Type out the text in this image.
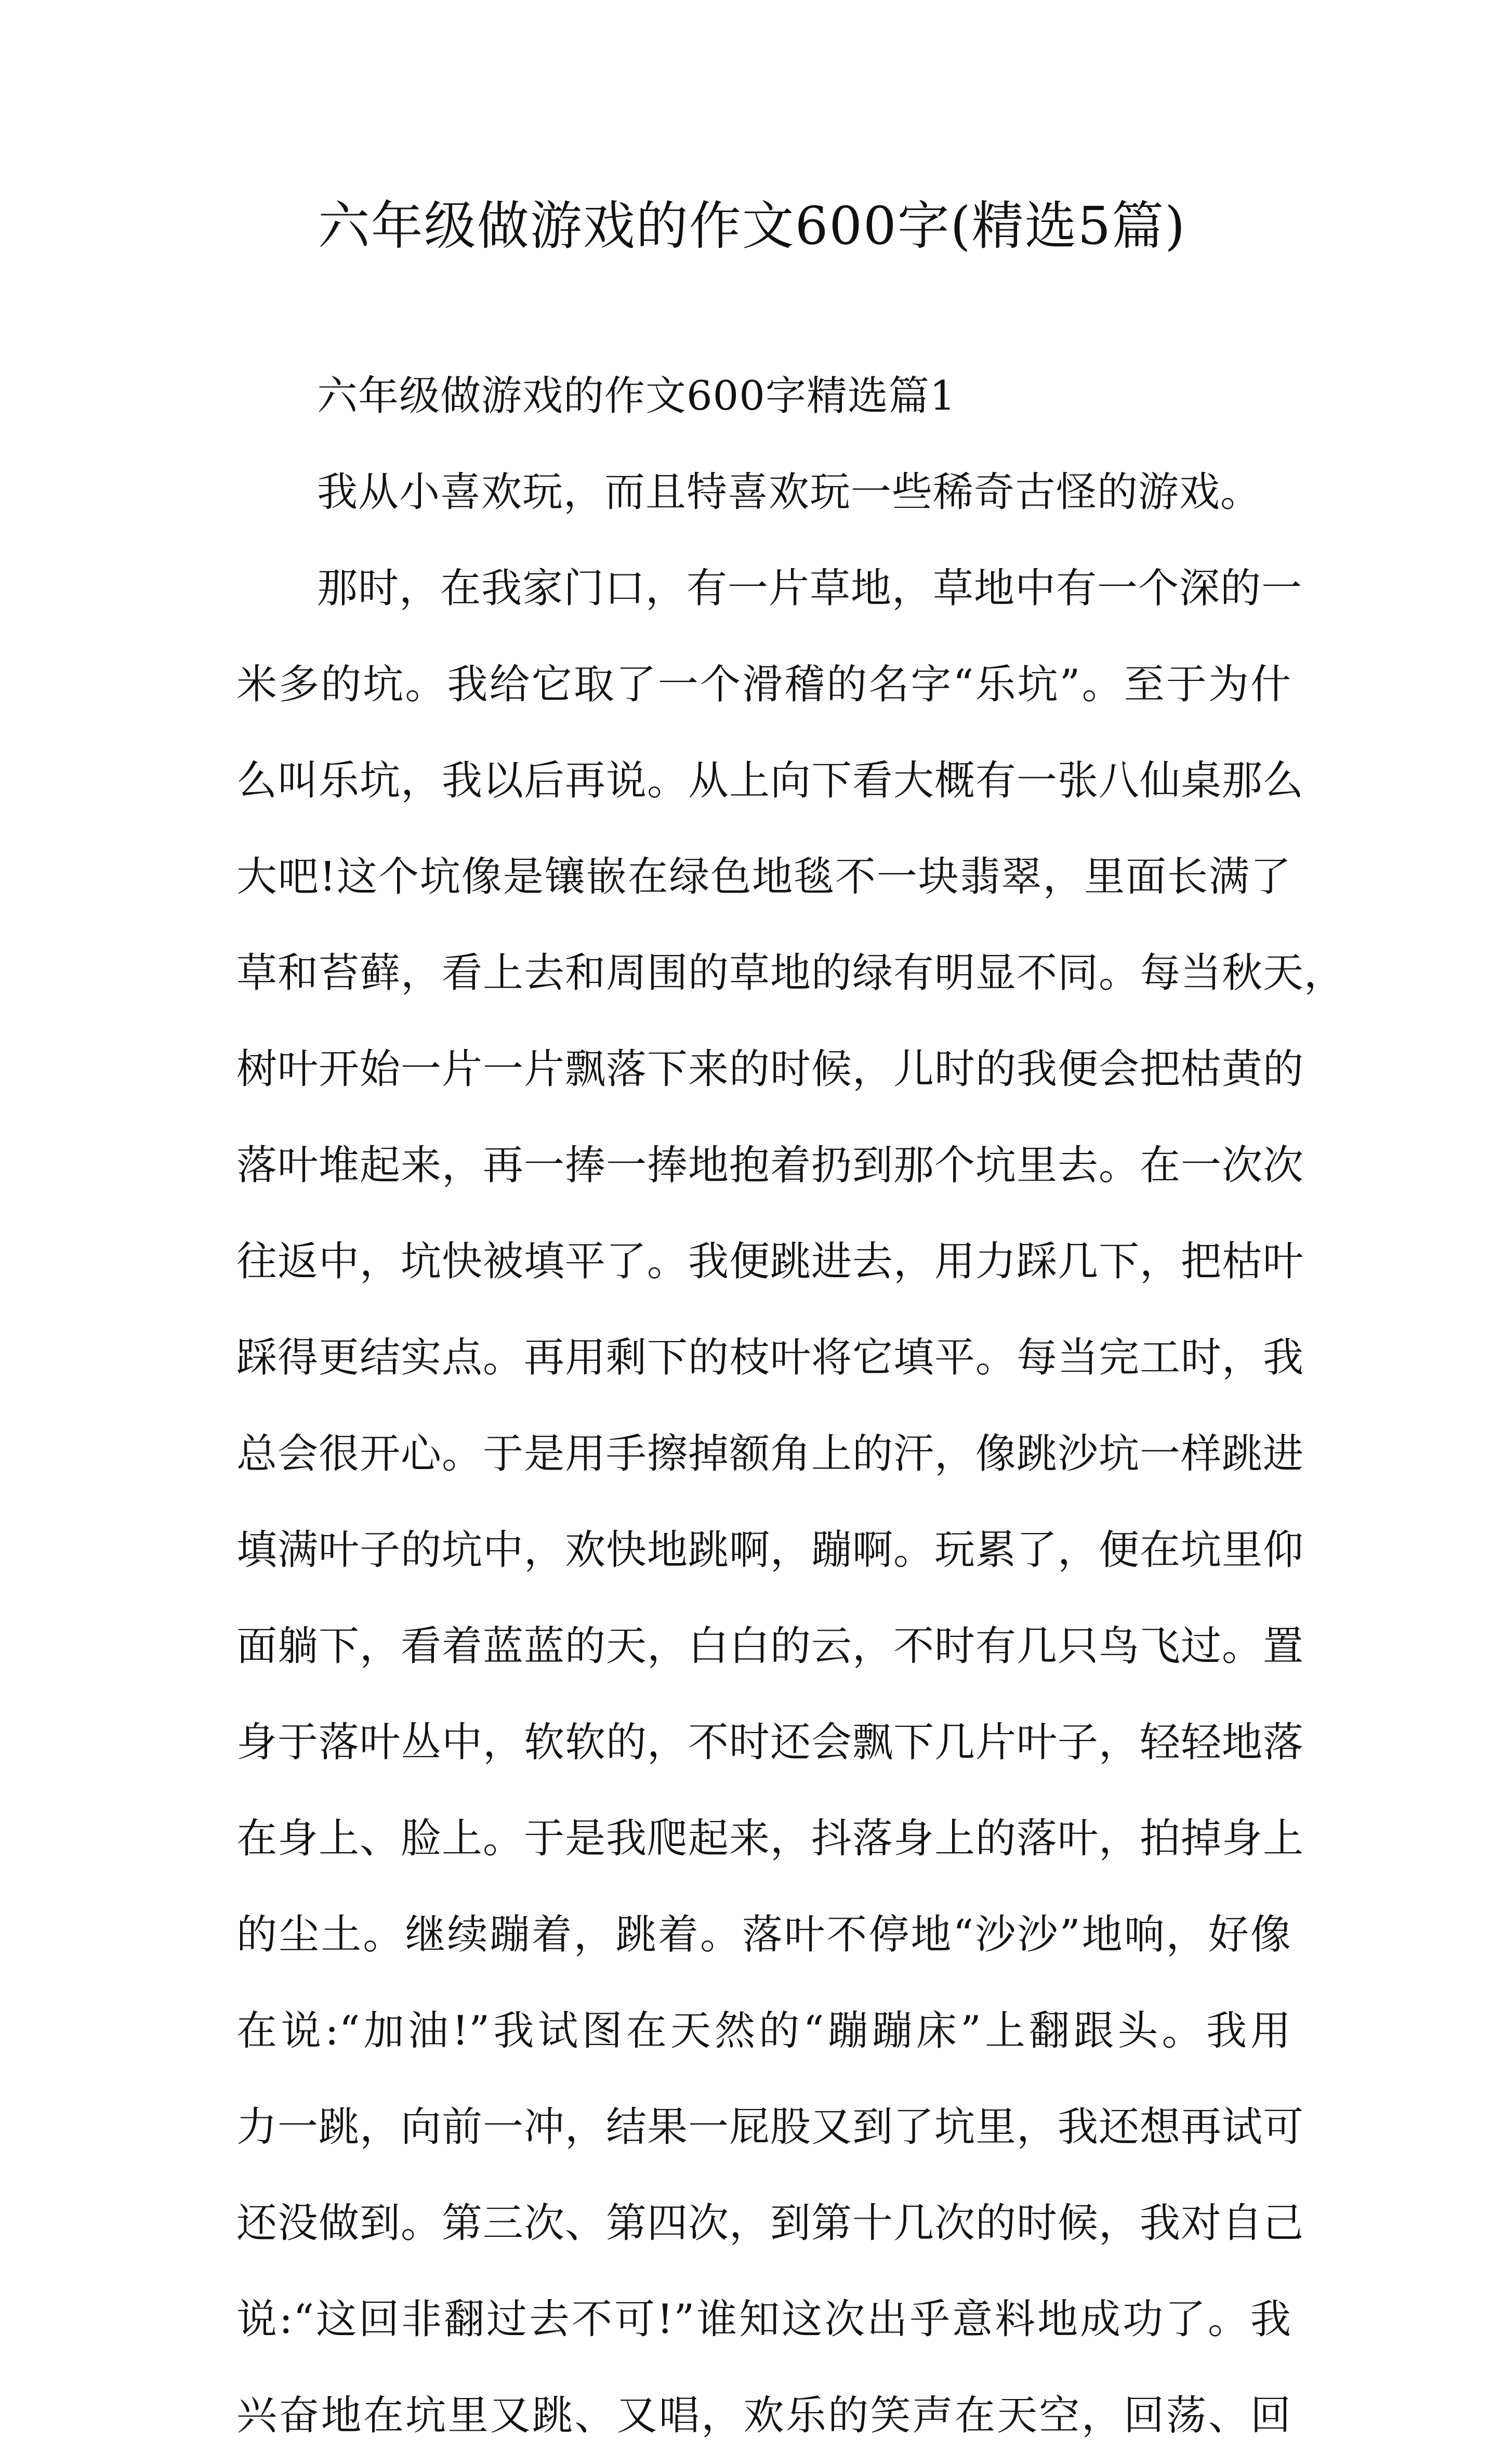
六年级做游戏的作文600字(精选5篇)
六年级做游戏的作文600字精选篇1
我从小喜欢玩，而且特喜欢玩一些稀奇古怪的游戏。
那时，在我家门口，有一片草地，草地中有一个深的一
米多的坑。我给它取了一个滑稽的名字“乐坑”。至于为什
么叫乐坑，我以后再说。从上向下看大概有一张八仙桌那么
大吧!这个坑像是镶嵌在绿色地毯不一块翡翠，里面长满了
草和苔藓，看上去和周围的草地的绿有明显不同。每当秋天，
树叶开始一片一片飘落下来的时候，儿时的我便会把枯黄的
落叶堆起来，再一捧一捧地抱着扔到那个坑里去。在一次次
往返中，坑快被填平了。我便跳进去，用力踩几下，把枯叶
踩得更结实点。再用剩下的枝叶将它填平。每当完工时，我
总会很开心。于是用手擦掉额角上的汗，像跳沙坑一样跳进
填满叶子的坑中，欢快地跳啊，蹦啊。玩累了，便在坑里仰
面躺下，看着蓝蓝的天，白白的云，不时有几只鸟飞过。置
身于落叶丛中，软软的，不时还会飘下几片叶子，轻轻地落
在身上、脸上。于是我爬起来，抖落身上的落叶，拍掉身上
的尘土。继续蹦着，跳着。落叶不停地“沙沙”地响，好像
在说:“加油!”我试图在天然的“蹦蹦床”上翻跟头。我用
力一跳，向前一冲，结果一屁股又到了坑里，我还想再试可
还没做到。第三次、第四次，到第十几次的时候，我对自己
说:“这回非翻过去不可!”谁知这次出乎意料地成功了。我
兴奋地在坑里又跳、又唱，欢乐的笑声在天空，回荡、回
